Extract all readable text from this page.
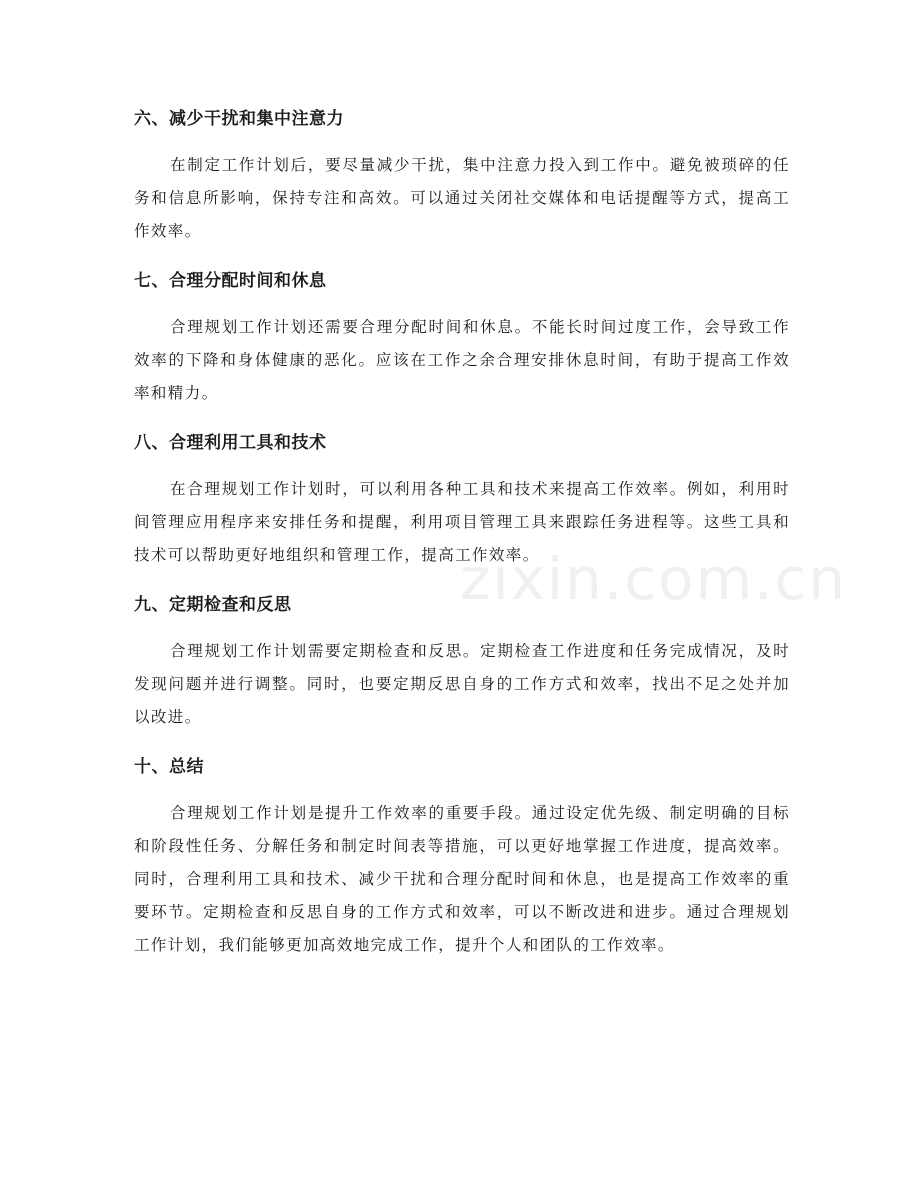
六、减少干扰和集中注意力

在制定工作计划后，要尽量减少干扰，集中注意力投入到工作中。避免被琐碎的任务和信息所影响，保持专注和高效。可以通过关闭社交媒体和电话提醒等方式，提高工作效率。

七、合理分配时间和休息

合理规划工作计划还需要合理分配时间和休息。不能长时间过度工作，会导致工作效率的下降和身体健康的恶化。应该在工作之余合理安排休息时间，有助于提高工作效率和精力。

八、合理利用工具和技术

在合理规划工作计划时，可以利用各种工具和技术来提高工作效率。例如，利用时间管理应用程序来安排任务和提醒，利用项目管理工具来跟踪任务进程等。这些工具和技术可以帮助更好地组织和管理工作，提高工作效率。

九、定期检查和反思

合理规划工作计划需要定期检查和反思。定期检查工作进度和任务完成情况，及时发现问题并进行调整。同时，也要定期反思自身的工作方式和效率，找出不足之处并加以改进。

十、总结

合理规划工作计划是提升工作效率的重要手段。通过设定优先级、制定明确的目标和阶段性任务、分解任务和制定时间表等措施，可以更好地掌握工作进度，提高效率。同时，合理利用工具和技术、减少干扰和合理分配时间和休息，也是提高工作效率的重要环节。定期检查和反思自身的工作方式和效率，可以不断改进和进步。通过合理规划工作计划，我们能够更加高效地完成工作，提升个人和团队的工作效率。

zixin.com.cn
